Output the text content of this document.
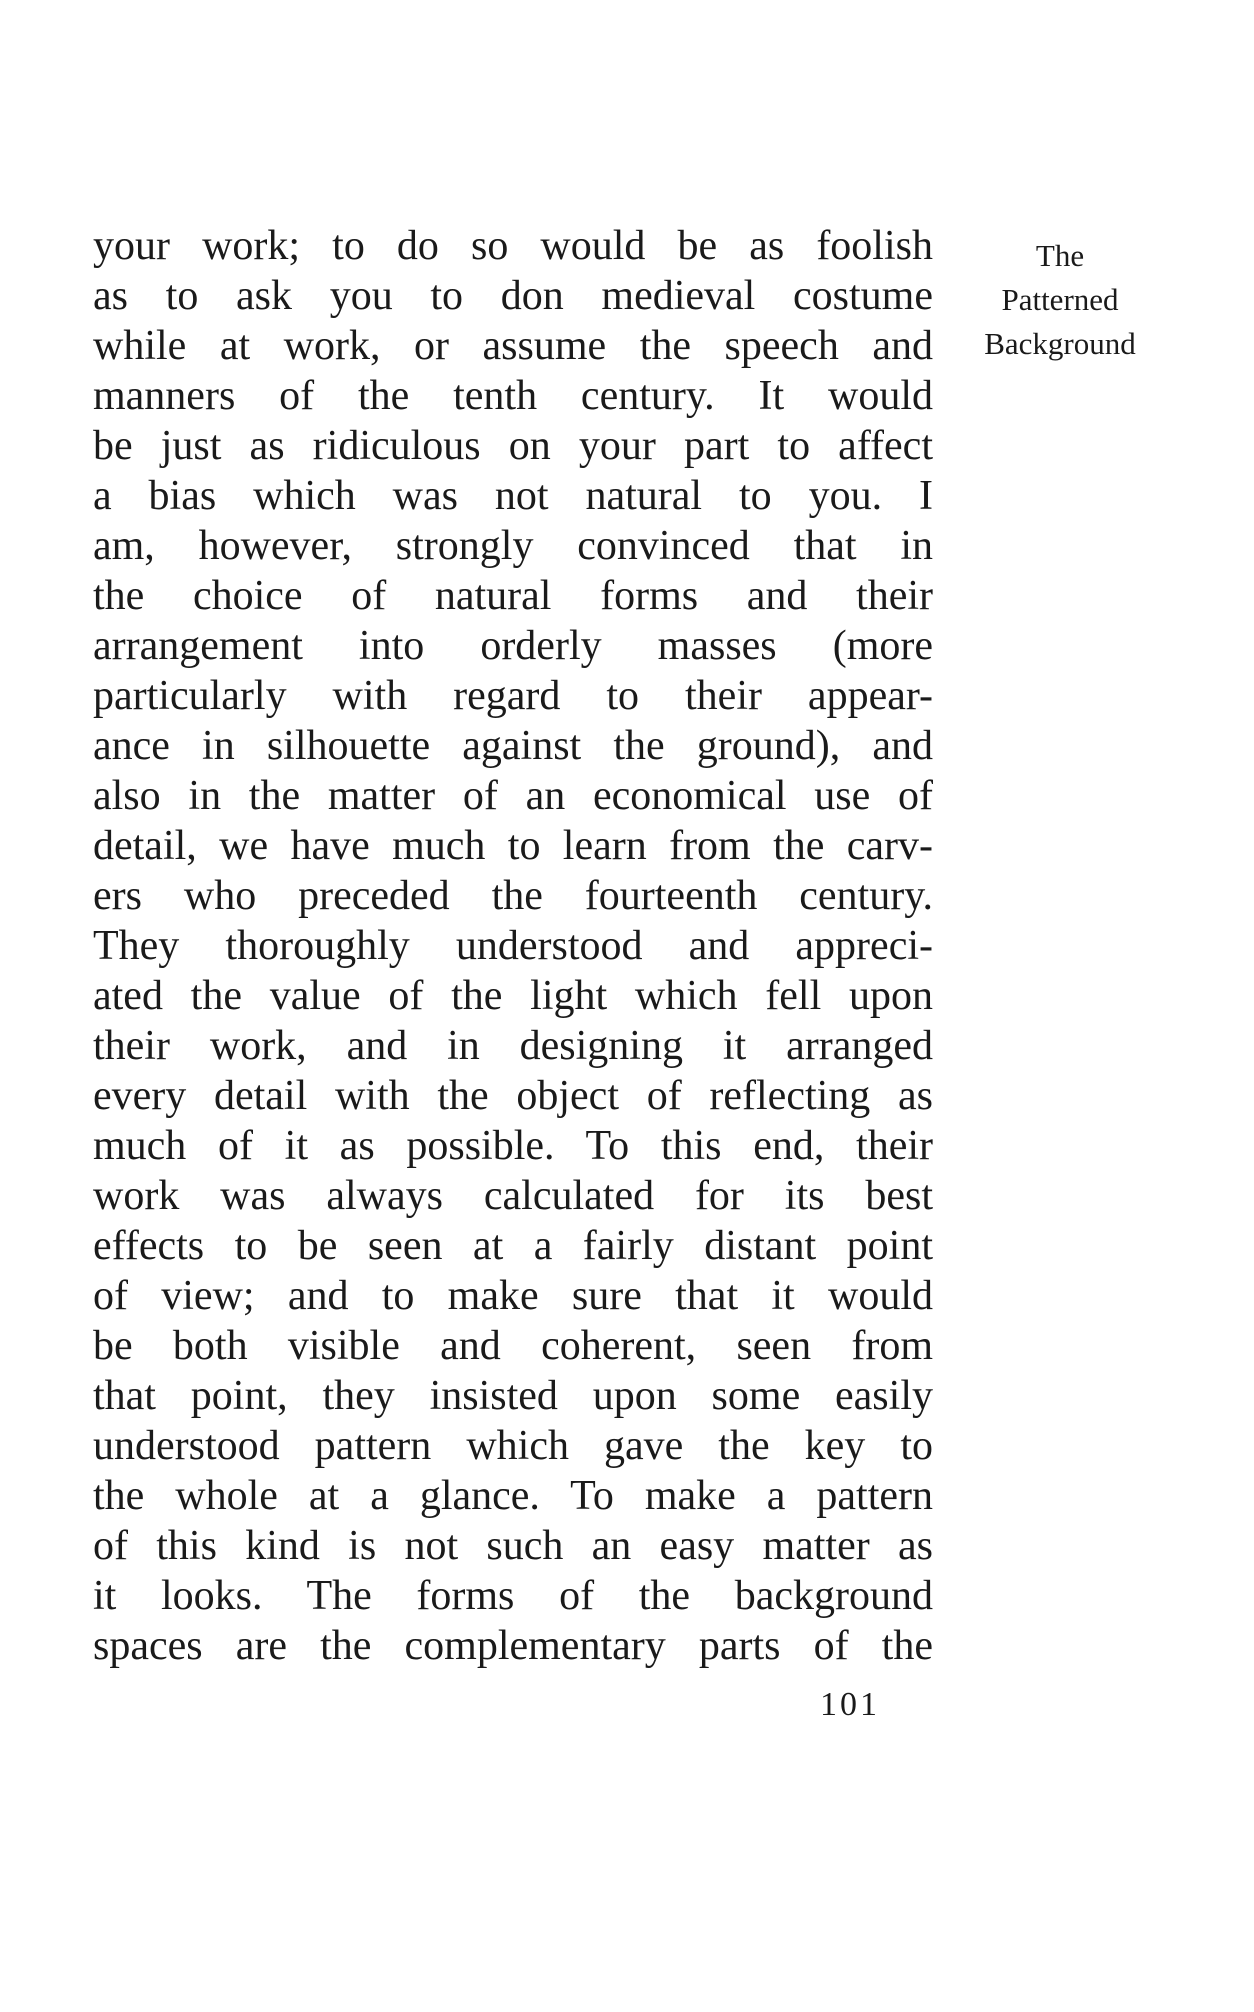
your work; to do so would be as foolish
as to ask you to don medieval costume
while at work, or assume the speech and
manners of the tenth century. It would
be just as ridiculous on your part to affect
a bias which was not natural to you. I
am, however, strongly convinced that in
the choice of natural forms and their
arrangement into orderly masses (more
particularly with regard to their appear-
ance in silhouette against the ground), and
also in the matter of an economical use of
detail, we have much to learn from the carv-
ers who preceded the fourteenth century.
They thoroughly understood and appreci-
ated the value of the light which fell upon
their work, and in designing it arranged
every detail with the object of reflecting as
much of it as possible. To this end, their
work was always calculated for its best
effects to be seen at a fairly distant point
of view; and to make sure that it would
be both visible and coherent, seen from
that point, they insisted upon some easily
understood pattern which gave the key to
the whole at a glance. To make a pattern
of this kind is not such an easy matter as
it looks. The forms of the background
spaces are the complementary parts of the
The
Patterned
Background
101
